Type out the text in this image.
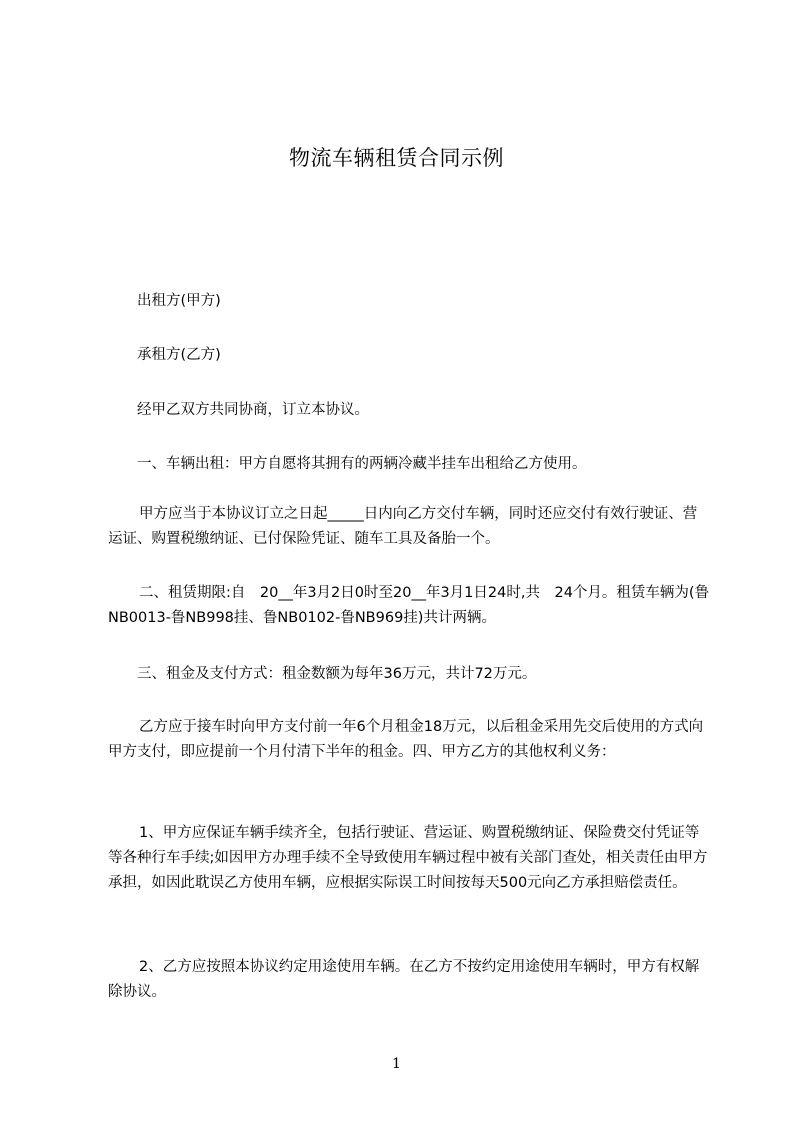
物流车辆租赁合同示例

出租方(甲方)

承租方(乙方)

经甲乙双方共同协商，订立本协议。

一、车辆出租：甲方自愿将其拥有的两辆冷藏半挂车出租给乙方使用。

甲方应当于本协议订立之日起_____日内向乙方交付车辆，同时还应交付有效行驶证、营运证、购置税缴纳证、已付保险凭证、随车工具及备胎一个。

二、租赁期限:自　20__年3月2日0时至20__年3月1日24时,共　24个月。租赁车辆为(鲁NB0013-鲁NB998挂、鲁NB0102-鲁NB969挂)共计两辆。

三、租金及支付方式：租金数额为每年36万元，共计72万元。

乙方应于接车时向甲方支付前一年6个月租金18万元，以后租金采用先交后使用的方式向甲方支付，即应提前一个月付清下半年的租金。四、甲方乙方的其他权利义务：

1、甲方应保证车辆手续齐全，包括行驶证、营运证、购置税缴纳证、保险费交付凭证等等各种行车手续;如因甲方办理手续不全导致使用车辆过程中被有关部门查处，相关责任由甲方承担，如因此耽误乙方使用车辆，应根据实际误工时间按每天500元向乙方承担赔偿责任。

2、乙方应按照本协议约定用途使用车辆。在乙方不按约定用途使用车辆时，甲方有权解除协议。

1
